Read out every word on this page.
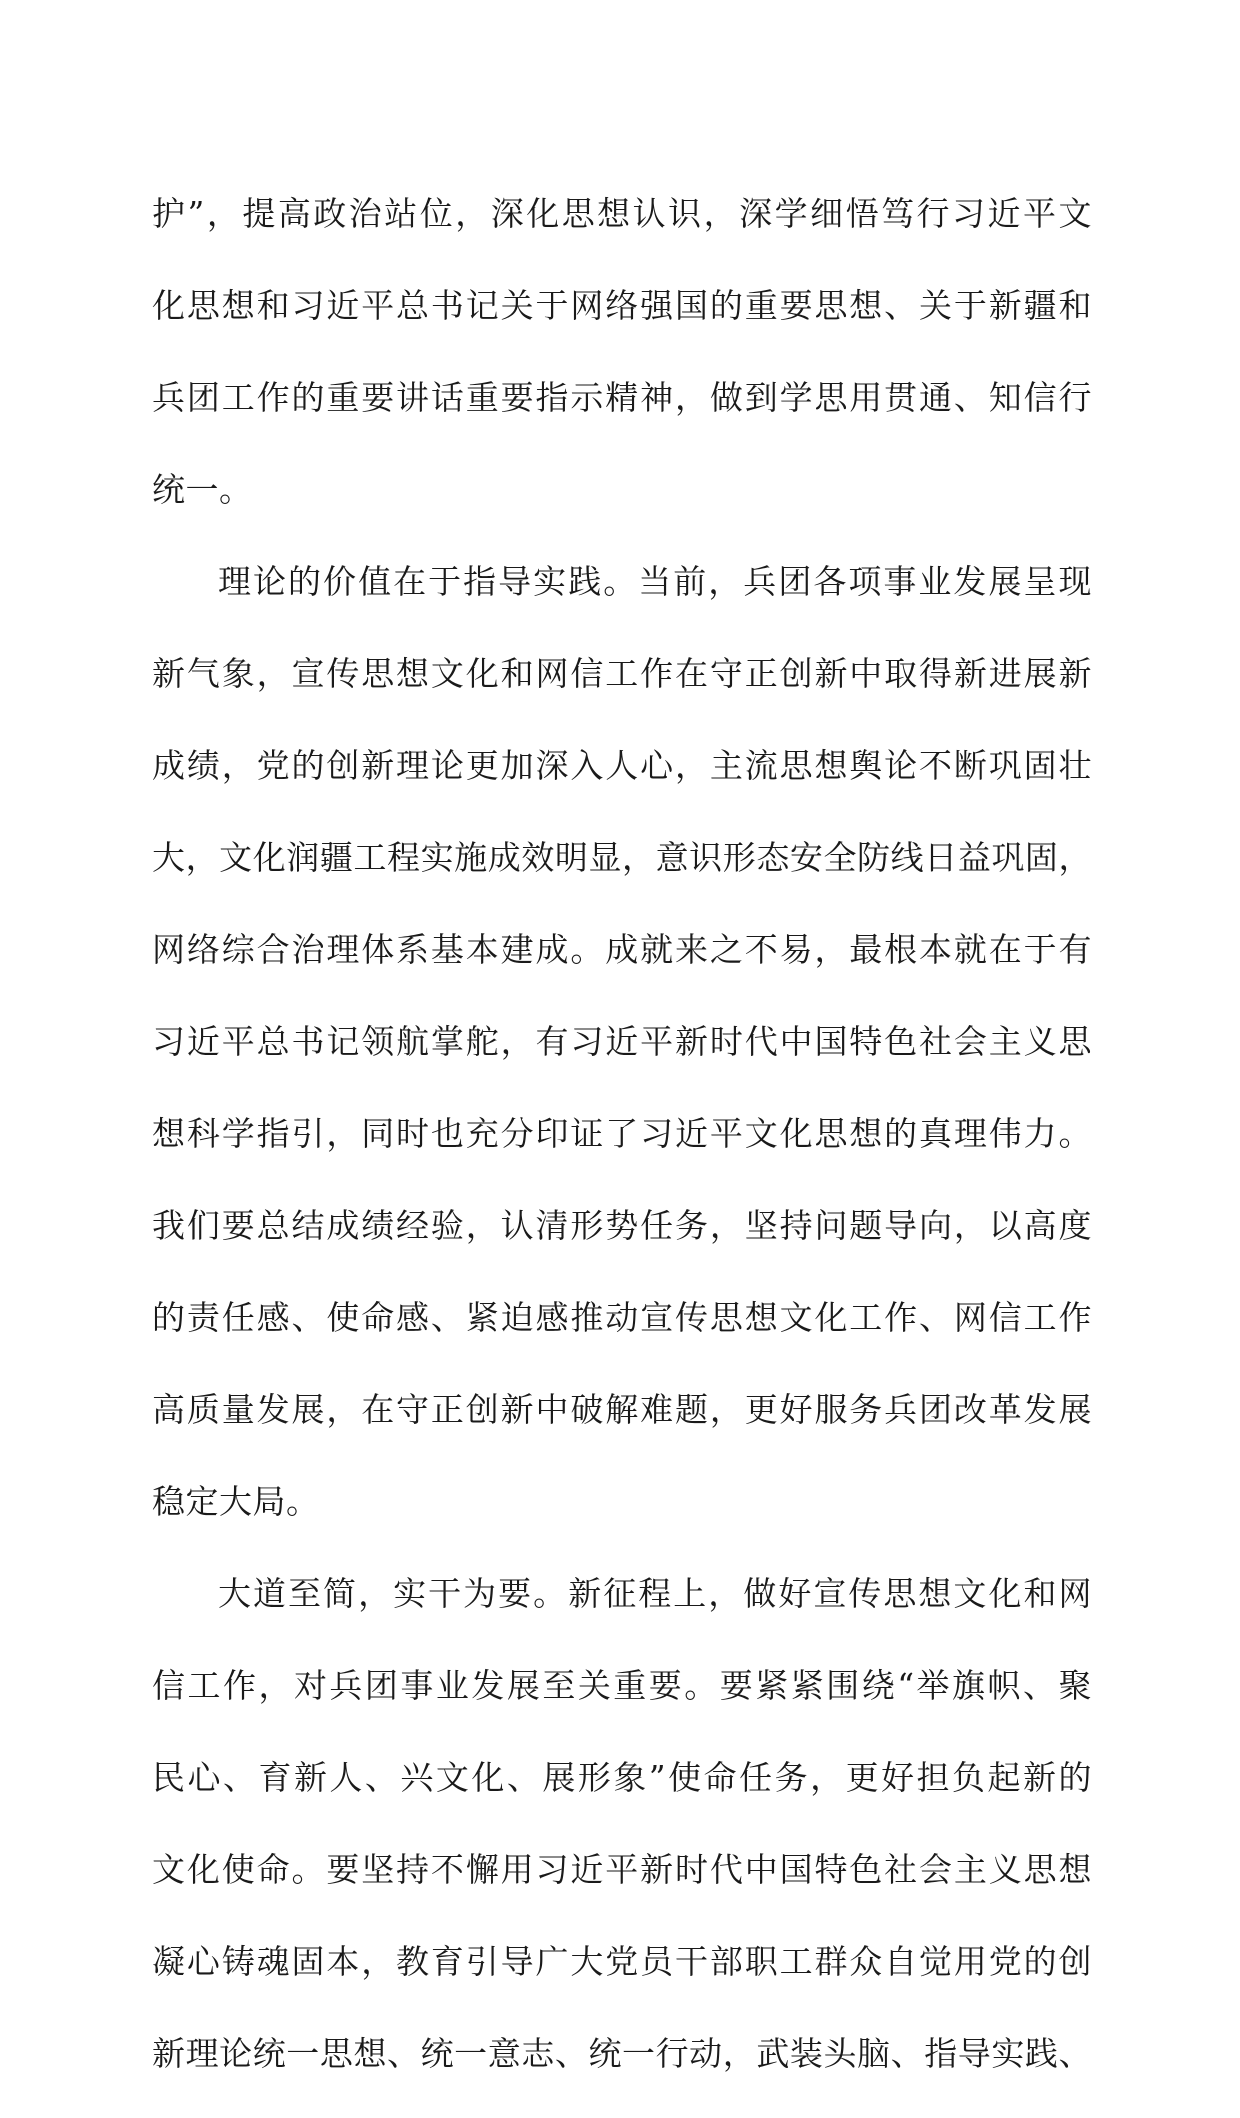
护”，提高政治站位，深化思想认识，深学细悟笃行习近平文
化思想和习近平总书记关于网络强国的重要思想、关于新疆和
兵团工作的重要讲话重要指示精神，做到学思用贯通、知信行
统一。
理论的价值在于指导实践。当前，兵团各项事业发展呈现
新气象，宣传思想文化和网信工作在守正创新中取得新进展新
成绩，党的创新理论更加深入人心，主流思想舆论不断巩固壮
大，文化润疆工程实施成效明显，意识形态安全防线日益巩固，
网络综合治理体系基本建成。成就来之不易，最根本就在于有
习近平总书记领航掌舵，有习近平新时代中国特色社会主义思
想科学指引，同时也充分印证了习近平文化思想的真理伟力。
我们要总结成绩经验，认清形势任务，坚持问题导向，以高度
的责任感、使命感、紧迫感推动宣传思想文化工作、网信工作
高质量发展，在守正创新中破解难题，更好服务兵团改革发展
稳定大局。
大道至简，实干为要。新征程上，做好宣传思想文化和网
信工作，对兵团事业发展至关重要。要紧紧围绕“举旗帜、聚
民心、育新人、兴文化、展形象”使命任务，更好担负起新的
文化使命。要坚持不懈用习近平新时代中国特色社会主义思想
凝心铸魂固本，教育引导广大党员干部职工群众自觉用党的创
新理论统一思想、统一意志、统一行动，武装头脑、指导实践、
